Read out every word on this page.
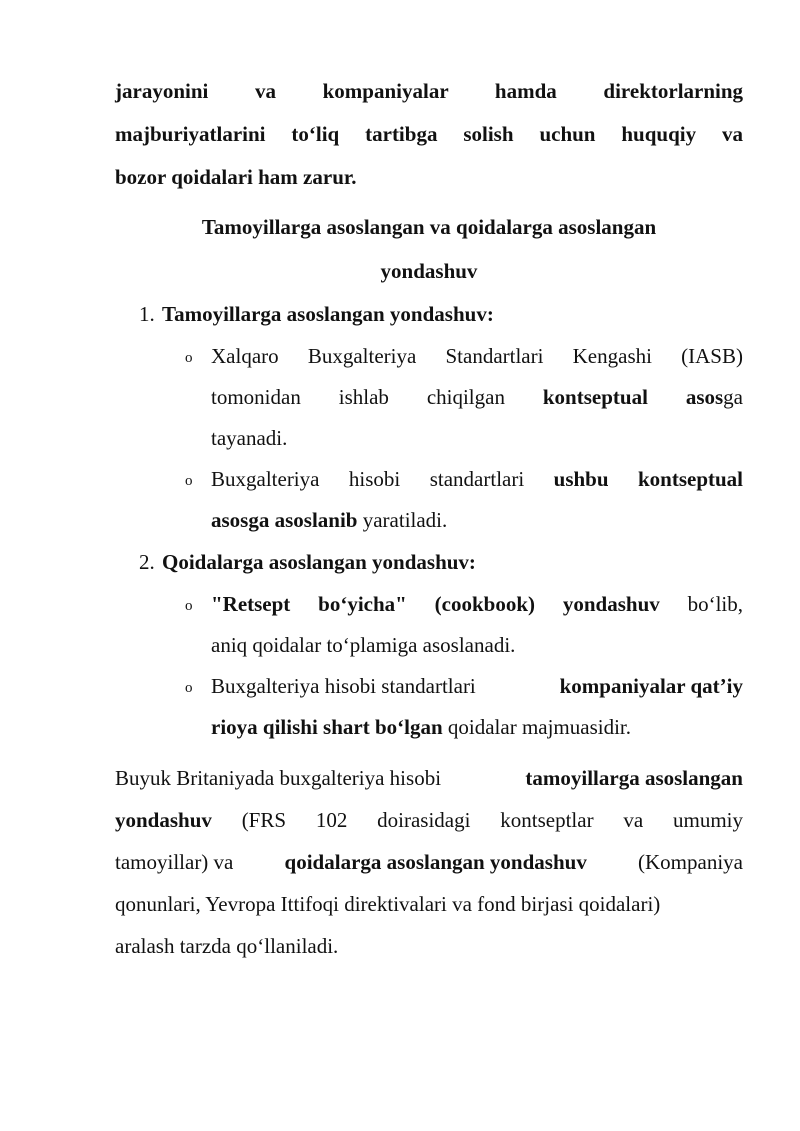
jarayonini va kompaniyalar hamda direktorlarning
majburiyatlarini to‘liq tartibga solish uchun huquqiy va
bozor qoidalari ham zarur.
Tamoyillarga asoslangan va qoidalarga asoslangan
yondashuv
1. Tamoyillarga asoslangan yondashuv:
o Xalqaro Buxgalteriya Standartlari Kengashi (IASB)
tomonidan ishlab chiqilgan kontseptual asosga
tayanadi.
o Buxgalteriya hisobi standartlari ushbu kontseptual
asosga asoslanib yaratiladi.
2. Qoidalarga asoslangan yondashuv:
o "Retsept bo‘yicha" (cookbook) yondashuv bo‘lib,
aniq qoidalar to‘plamiga asoslanadi.
o Buxgalteriya hisobi standartlari	kompaniyalar qat’iy
rioya qilishi shart bo‘lgan qoidalar majmuasidir.
Buyuk Britaniyada buxgalteriya hisobi	tamoyillarga asoslangan
yondashuv (FRS 102 doirasidagi kontseptlar va umumiy
tamoyillar) va qoidalarga asoslangan yondashuv (Kompaniya
qonunlari, Yevropa Ittifoqi direktivalari va fond birjasi qoidalari)
aralash tarzda qo‘llaniladi.
